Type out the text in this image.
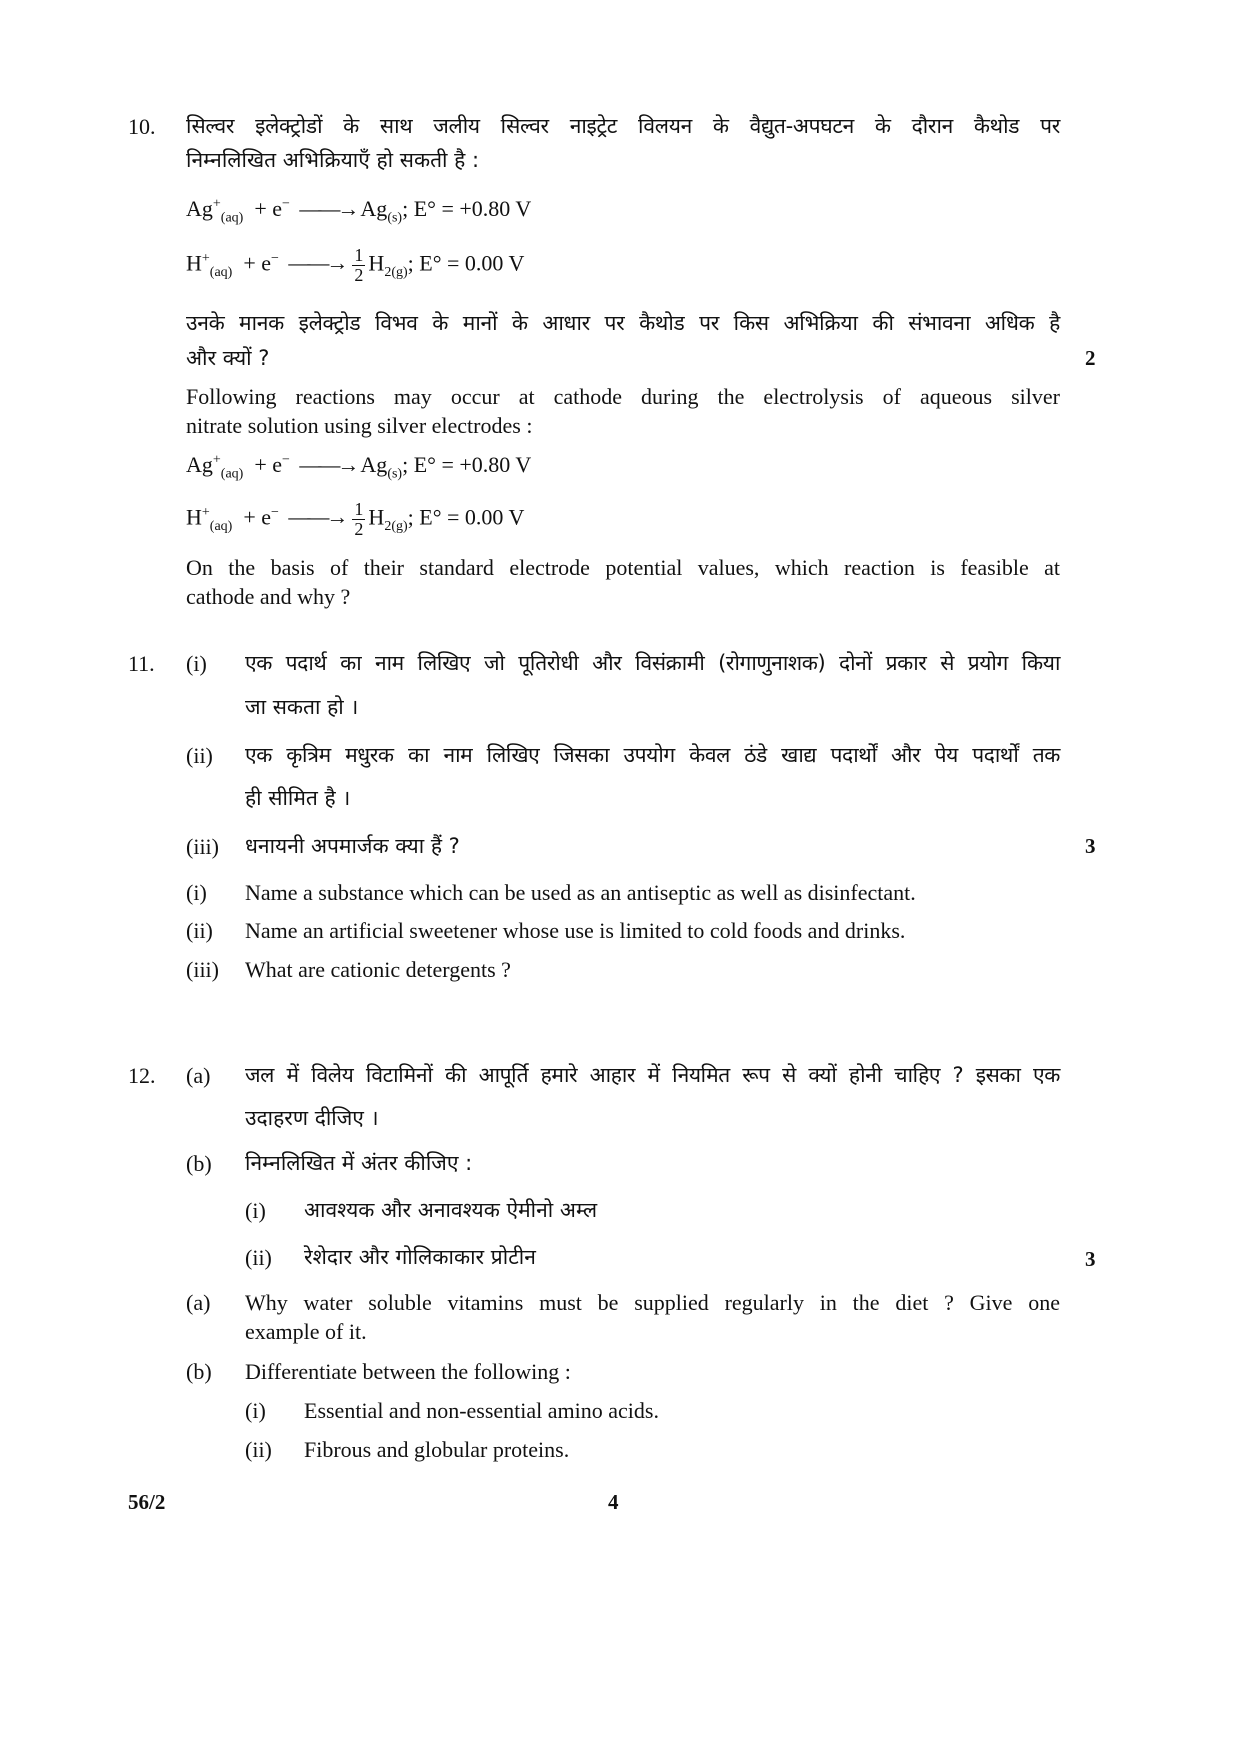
10. सिल्वर इलेक्ट्रोडों के साथ जलीय सिल्वर नाइट्रेट विलयन के वैद्युत-अपघटन के दौरान कैथोड पर
निम्नलिखित अभिक्रियाएँ हो सकती है :
$Ag^+_{(aq)} + e^-$ ——→ $Ag_{(s)}$; E° = +0.80 V
$H^+_{(aq)} + e^-$ ——→ $\frac{1}{2} H_{2(g)}$; E° = 0.00 V
उनके मानक इलेक्ट्रोड विभव के मानों के आधार पर कैथोड पर किस अभिक्रिया की संभावना अधिक है
और क्यों ?	2
Following reactions may occur at cathode during the electrolysis of aqueous silver
nitrate solution using silver electrodes :
$Ag^+_{(aq)} + e^-$ ——→ $Ag_{(s)}$; E° = +0.80 V
$H^+_{(aq)} + e^-$ ——→ $\frac{1}{2} H_{2(g)}$; E° = 0.00 V
On the basis of their standard electrode potential values, which reaction is feasible at
cathode and why ?
11. (i) एक पदार्थ का नाम लिखिए जो पूतिरोधी और विसंक्रामी (रोगाणुनाशक) दोनों प्रकार से प्रयोग किया
जा सकता हो ।
(ii) एक कृत्रिम मधुरक का नाम लिखिए जिसका उपयोग केवल ठंडे खाद्य पदार्थों और पेय पदार्थों तक
ही सीमित है ।
(iii) धनायनी अपमार्जक क्या हैं ?	3
(i) Name a substance which can be used as an antiseptic as well as disinfectant.
(ii) Name an artificial sweetener whose use is limited to cold foods and drinks.
(iii) What are cationic detergents ?
12. (a) जल में विलेय विटामिनों की आपूर्ति हमारे आहार में नियमित रूप से क्यों होनी चाहिए ? इसका एक
उदाहरण दीजिए ।
(b) निम्नलिखित में अंतर कीजिए :
(i) आवश्यक और अनावश्यक ऐमीनो अम्ल
(ii) रेशेदार और गोलिकाकार प्रोटीन	3
(a) Why water soluble vitamins must be supplied regularly in the diet ? Give one
example of it.
(b) Differentiate between the following :
(i) Essential and non-essential amino acids.
(ii) Fibrous and globular proteins.
56/2	4
